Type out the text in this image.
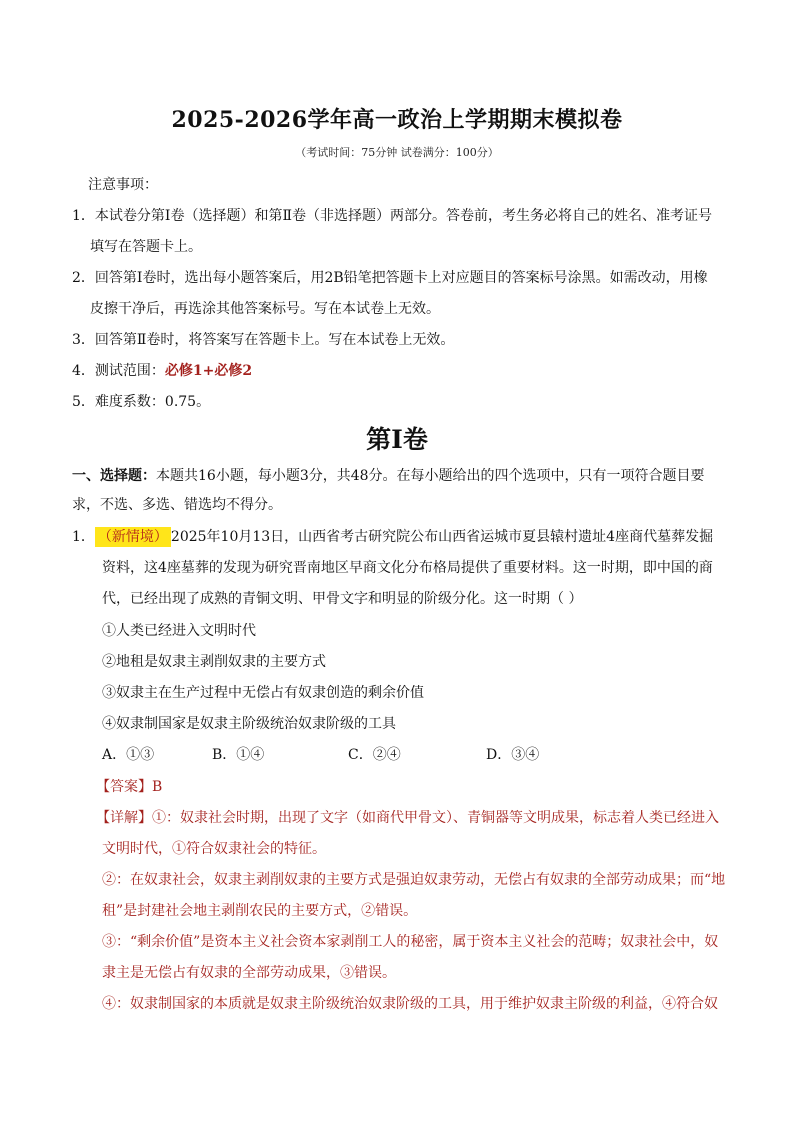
2025-2026学年高一政治上学期期末模拟卷
（考试时间：75分钟 试卷满分：100分）
注意事项：
1．本试卷分第Ⅰ卷（选择题）和第Ⅱ卷（非选择题）两部分。答卷前，考生务必将自己的姓名、准考证号
填写在答题卡上。
2．回答第Ⅰ卷时，选出每小题答案后，用2B铅笔把答题卡上对应题目的答案标号涂黑。如需改动，用橡
皮擦干净后，再选涂其他答案标号。写在本试卷上无效。
3．回答第Ⅱ卷时，将答案写在答题卡上。写在本试卷上无效。
4．测试范围：必修1+必修2
5．难度系数：0.75。
第Ⅰ卷
一、选择题：本题共16小题，每小题3分，共48分。在每小题给出的四个选项中，只有一项符合题目要
求，不选、多选、错选均不得分。
1． （新情境） 2025年10月13日，山西省考古研究院公布山西省运城市夏县辕村遗址4座商代墓葬发掘
资料，这4座墓葬的发现为研究晋南地区早商文化分布格局提供了重要材料。这一时期，即中国的商
代，已经出现了成熟的青铜文明、甲骨文字和明显的阶级分化。这一时期（ ）
①人类已经进入文明时代
②地租是奴隶主剥削奴隶的主要方式
③奴隶主在生产过程中无偿占有奴隶创造的剩余价值
④奴隶制国家是奴隶主阶级统治奴隶阶级的工具
A．①③	B．①④	C．②④	D．③④
【答案】B
【详解】①：奴隶社会时期，出现了文字（如商代甲骨文）、青铜器等文明成果，标志着人类已经进入
文明时代，①符合奴隶社会的特征。
②：在奴隶社会，奴隶主剥削奴隶的主要方式是强迫奴隶劳动，无偿占有奴隶的全部劳动成果；而“地
租”是封建社会地主剥削农民的主要方式，②错误。
③：“剩余价值”是资本主义社会资本家剥削工人的秘密，属于资本主义社会的范畴；奴隶社会中，奴
隶主是无偿占有奴隶的全部劳动成果，③错误。
④：奴隶制国家的本质就是奴隶主阶级统治奴隶阶级的工具，用于维护奴隶主阶级的利益，④符合奴
